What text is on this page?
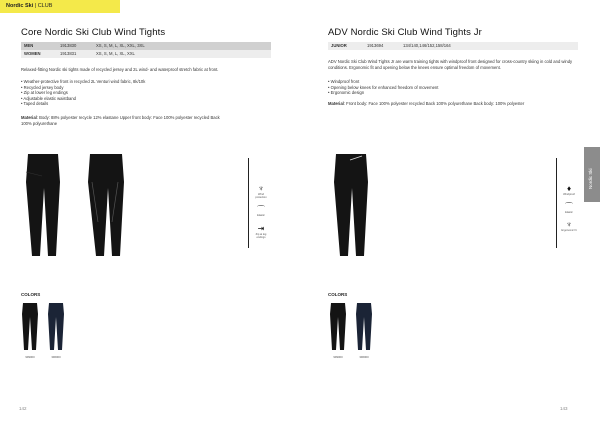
Nordic Ski | CLUB
Core Nordic Ski Club Wind Tights
MEN	1913830	XS, S, M, L, XL, XXL, 3XL
WOMEN	1913831	XS, S, M, L, XL, XXL
Relaxed-fitting Nordic ski tights made of recycled jersey and 2L wind- and waterproof stretch fabric at front.
• Weather-protective front in recycled 2L Venturi wind fabric, 8k/10k
• Recycled jersey body
• Zip at lower leg endings
• Adjustable elastic waistband
• Taped details
Material: Body: 88% polyester recycle 12% elastane Upper front body: Face 100% polyester recycled Back 100% polyurethane
♆
Wind protection
⌒
Elastic
⇥
Zip at leg endings
COLORS
999000	396000
142
ADV Nordic Ski Club Wind Tights Jr
JUNIOR	1913694	134/140,146/152,158/164
ADV Nordic Ski Club Wind Tights Jr are warm training tights with windproof front designed for cross-country skiing in cold and windy conditions. Ergonomic fit and opening below the knees ensure optimal freedom of movement.
• Windproof front
• Opening below knees for enhanced freedom of movement
• Ergonomic design
Material: Front body: Face 100% polyester recycled Back 100% polyurethane Back body: 100% polyester
♦
Windproof
⌒
Elastic
♆
Ergonomic fit
COLORS
999000	396000
143
Nordic Ski
